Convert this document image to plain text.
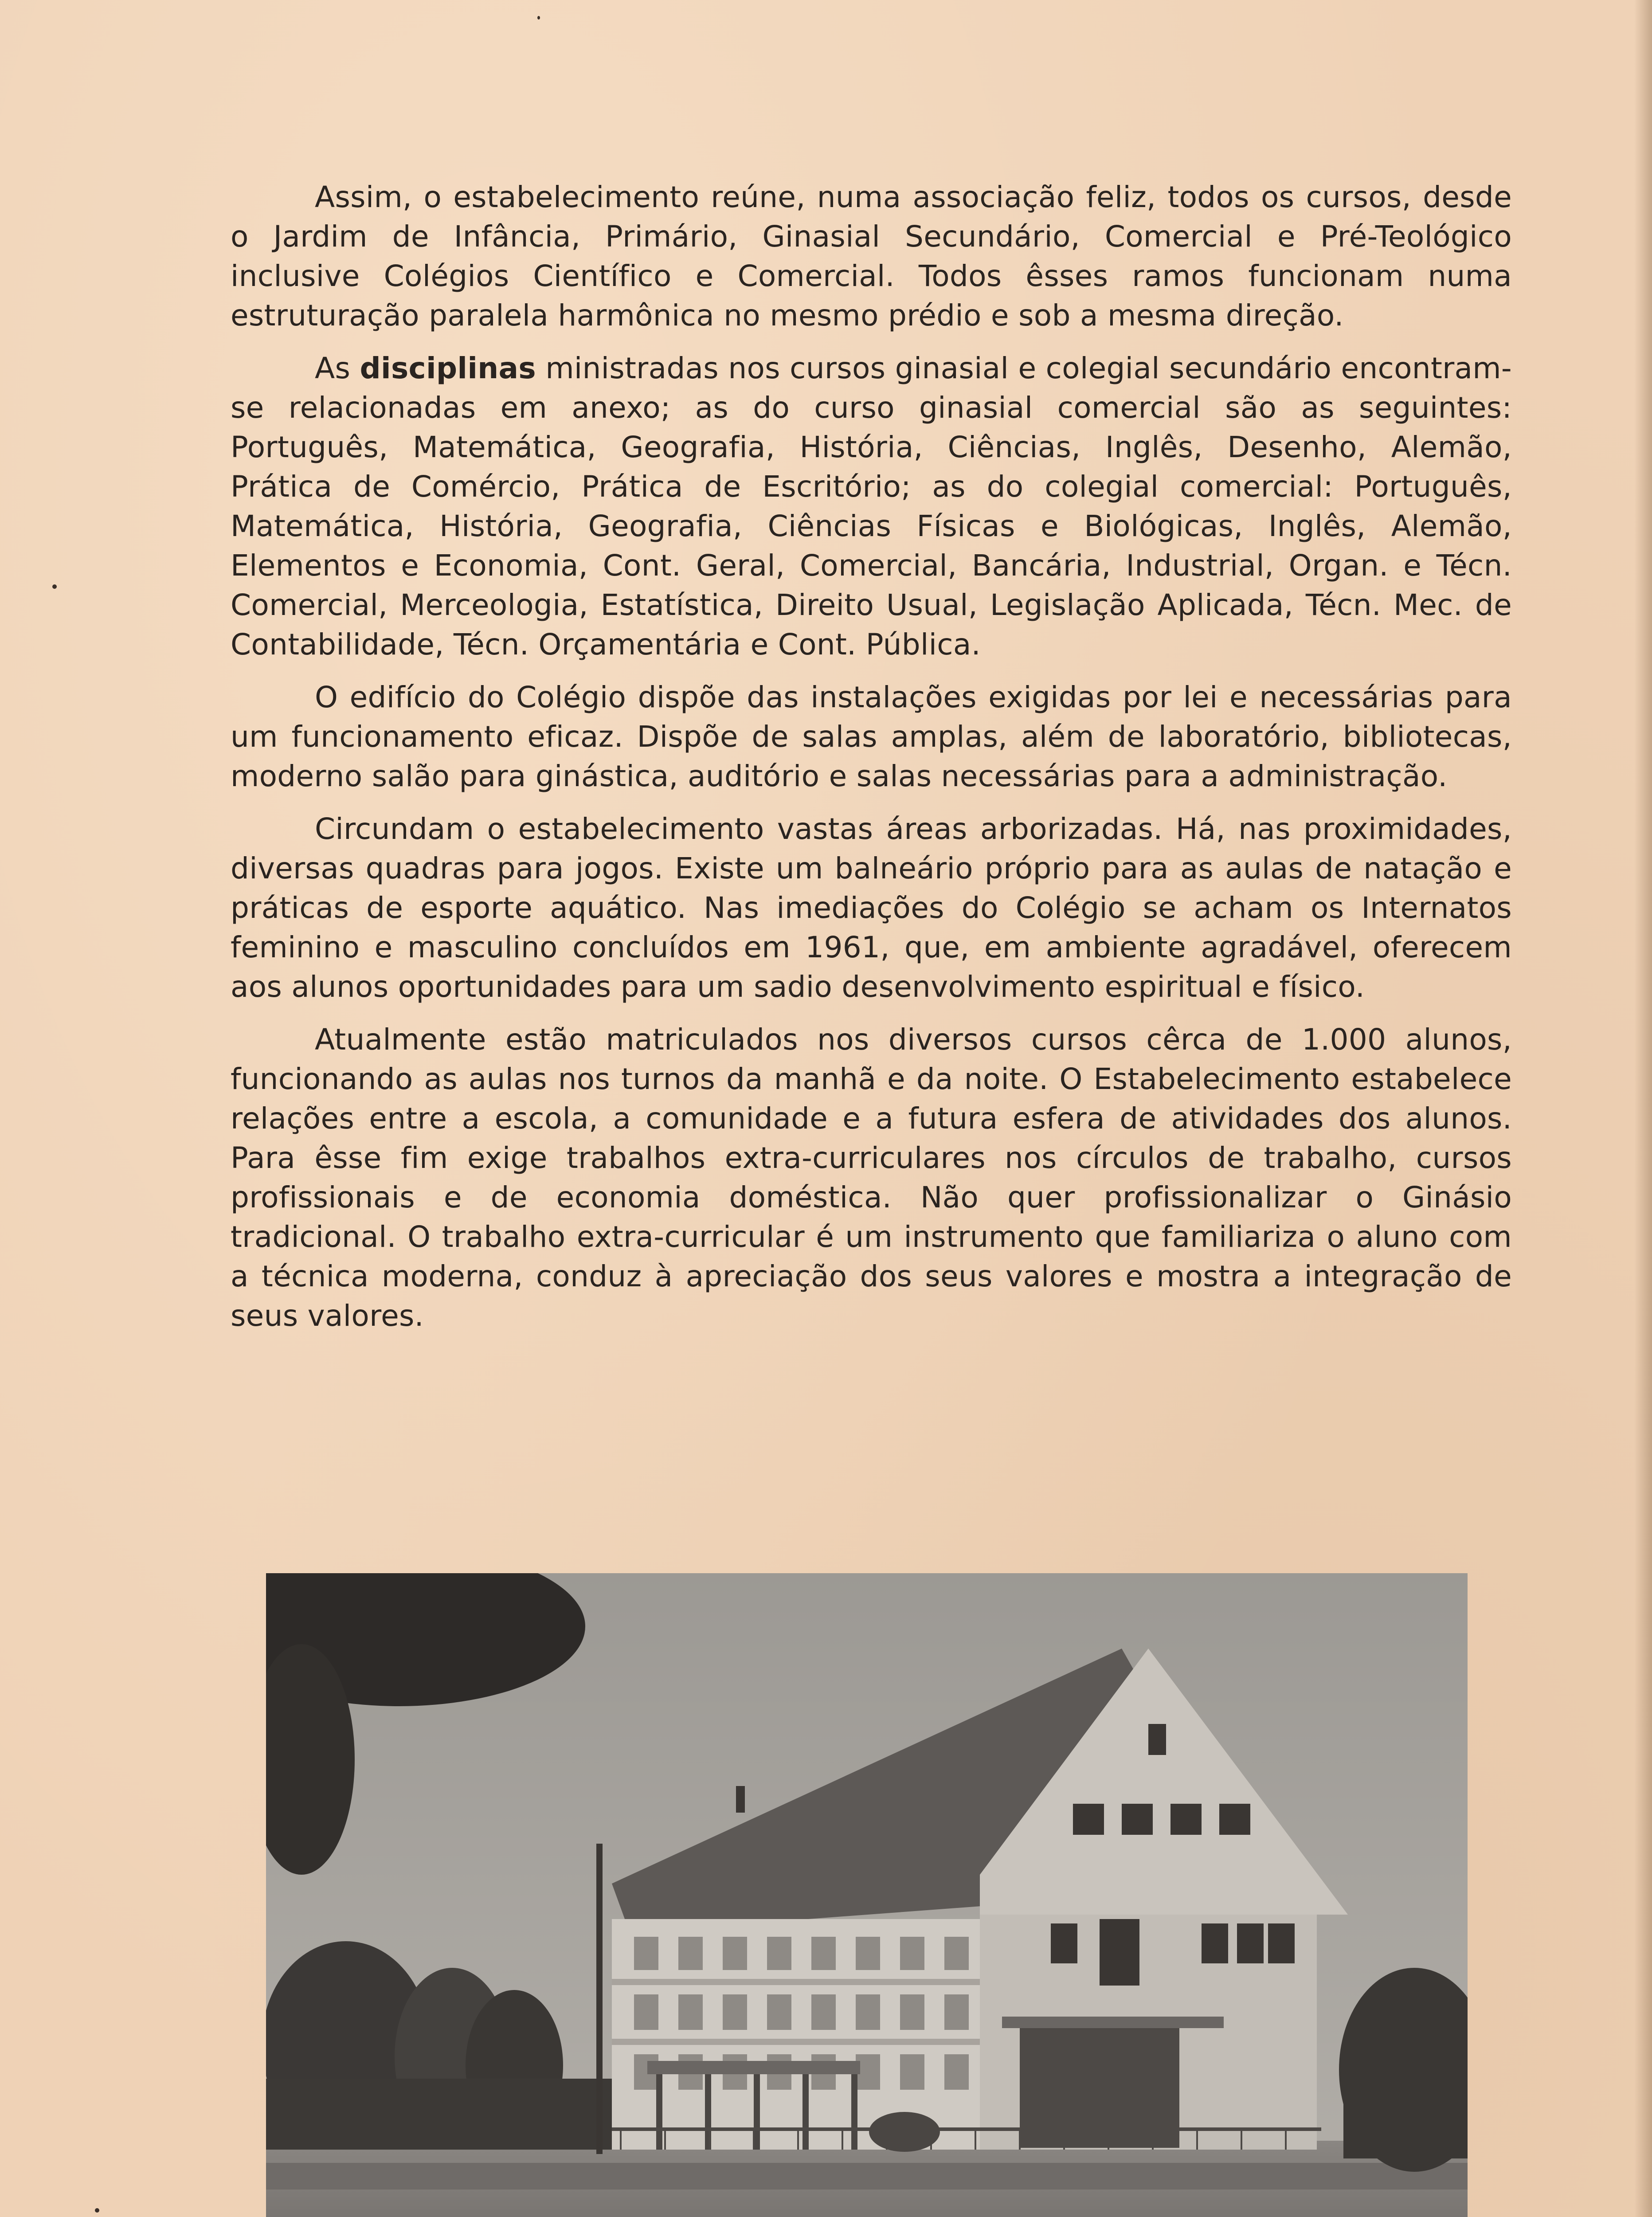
Assim, o estabelecimento reúne, numa associação feliz, todos os cursos, desde o Jardim de Infância, Primário, Ginasial Secundário, Comercial e Pré-Teológico inclusive Colégios Científico e Comercial. Todos êsses ramos funcionam numa estruturação paralela harmônica no mesmo prédio e sob a mesma direção.

As disciplinas ministradas nos cursos ginasial e colegial secundário encontram-se relacionadas em anexo; as do curso ginasial comercial são as seguintes: Português, Matemática, Geografia, História, Ciências, Inglês, Desenho, Alemão, Prática de Comércio, Prática de Escritório; as do colegial comercial: Português, Matemática, História, Geografia, Ciências Físicas e Biológicas, Inglês, Alemão, Elementos e Economia, Cont. Geral, Comercial, Bancária, Industrial, Organ. e Técn. Comercial, Merceologia, Estatística, Direito Usual, Legislação Aplicada, Técn. Mec. de Contabilidade, Técn. Orçamentária e Cont. Pública.

O edifício do Colégio dispõe das instalações exigidas por lei e necessárias para um funcionamento eficaz. Dispõe de salas amplas, além de laboratório, bibliotecas, moderno salão para ginástica, auditório e salas necessárias para a administração.

Circundam o estabelecimento vastas áreas arborizadas. Há, nas proximidades, diversas quadras para jogos. Existe um balneário próprio para as aulas de natação e práticas de esporte aquático. Nas imediações do Colégio se acham os Internatos feminino e masculino concluídos em 1961, que, em ambiente agradável, oferecem aos alunos oportunidades para um sadio desenvolvimento espiritual e físico.

Atualmente estão matriculados nos diversos cursos cêrca de 1.000 alunos, funcionando as aulas nos turnos da manhã e da noite. O Estabelecimento estabelece relações entre a escola, a comunidade e a futura esfera de atividades dos alunos. Para êsse fim exige trabalhos extra-curriculares nos círculos de trabalho, cursos profissionais e de economia doméstica. Não quer profissionalizar o Ginásio tradicional. O trabalho extra-curricular é um instrumento que familiariza o aluno com a técnica moderna, conduz à apreciação dos seus valores e mostra a integração de seus valores.
